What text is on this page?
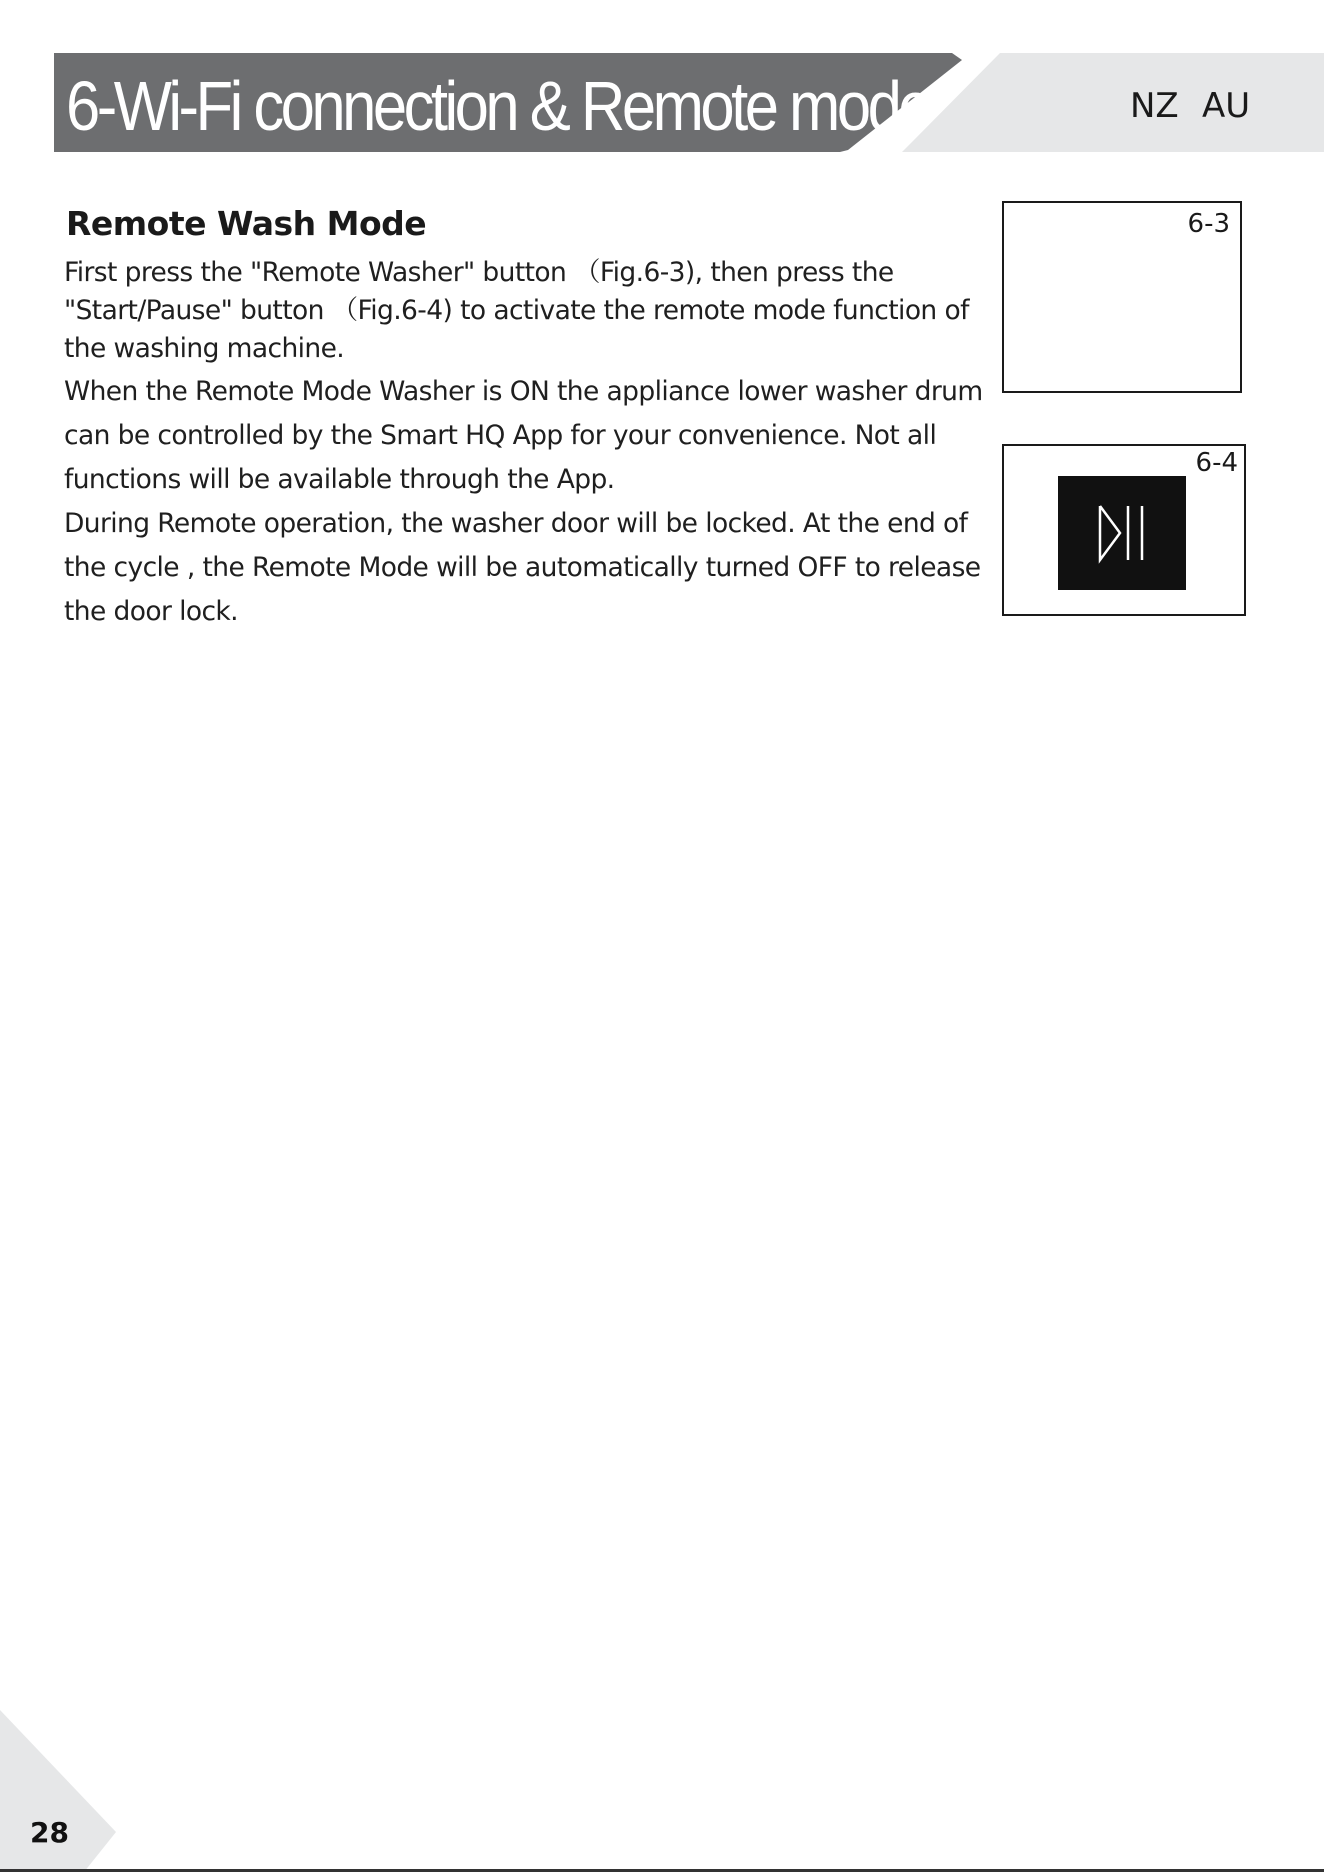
6-Wi-Fi connection & Remote mode	NZ AU
Remote Wash Mode
First press the "Remote Washer" button （Fig.6-3), then press the "Start/Pause" button （Fig.6-4) to activate the remote mode function of the washing machine.
When the Remote Mode Washer is ON the appliance lower washer drum can be controlled by the Smart HQ App for your convenience. Not all functions will be available through the App.
During Remote operation, the washer door will be locked. At the end of the cycle , the Remote Mode will be automatically turned OFF to release the door lock.
6-3
6-4
28
